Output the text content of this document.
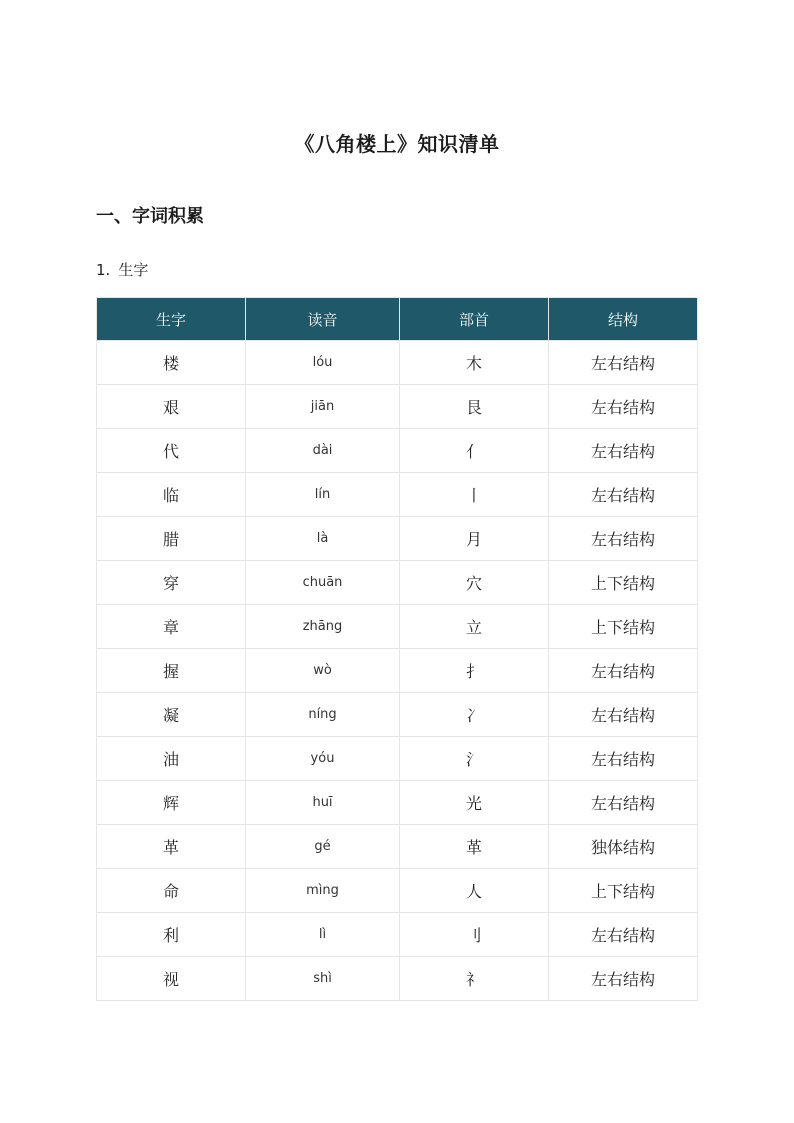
《八角楼上》知识清单
一、字词积累
1. 生字
生字	读音	部首	结构
楼	lóu	木	左右结构
艰	jiān	艮	左右结构
代	dài	亻	左右结构
临	lín	丨	左右结构
腊	là	月	左右结构
穿	chuān	穴	上下结构
章	zhāng	立	上下结构
握	wò	扌	左右结构
凝	níng	冫	左右结构
油	yóu	氵	左右结构
辉	huī	光	左右结构
革	gé	革	独体结构
命	mìng	人	上下结构
利	lì	刂	左右结构
视	shì	礻	左右结构
